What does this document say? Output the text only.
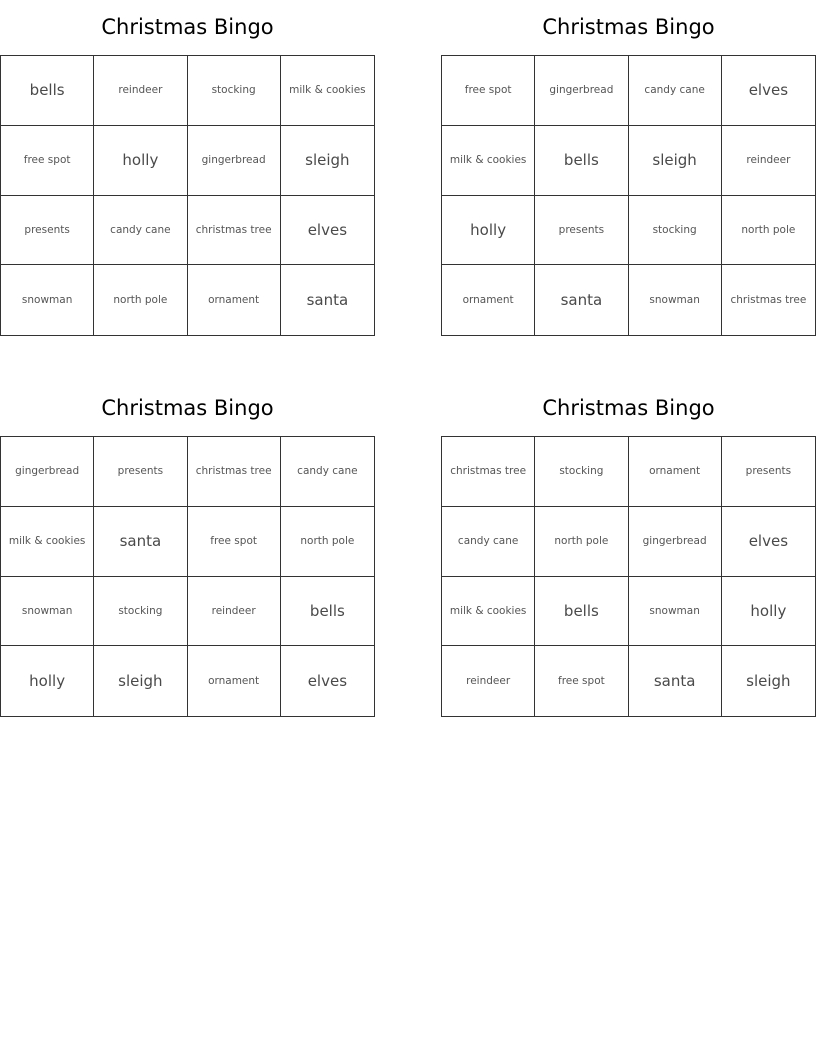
Christmas Bingo
bells	reindeer	stocking	milk & cookies
free spot	holly	gingerbread	sleigh
presents	candy cane	christmas tree	elves
snowman	north pole	ornament	santa
Christmas Bingo
free spot	gingerbread	candy cane	elves
milk & cookies	bells	sleigh	reindeer
holly	presents	stocking	north pole
ornament	santa	snowman	christmas tree
Christmas Bingo
gingerbread	presents	christmas tree	candy cane
milk & cookies	santa	free spot	north pole
snowman	stocking	reindeer	bells
holly	sleigh	ornament	elves
Christmas Bingo
christmas tree	stocking	ornament	presents
candy cane	north pole	gingerbread	elves
milk & cookies	bells	snowman	holly
reindeer	free spot	santa	sleigh
